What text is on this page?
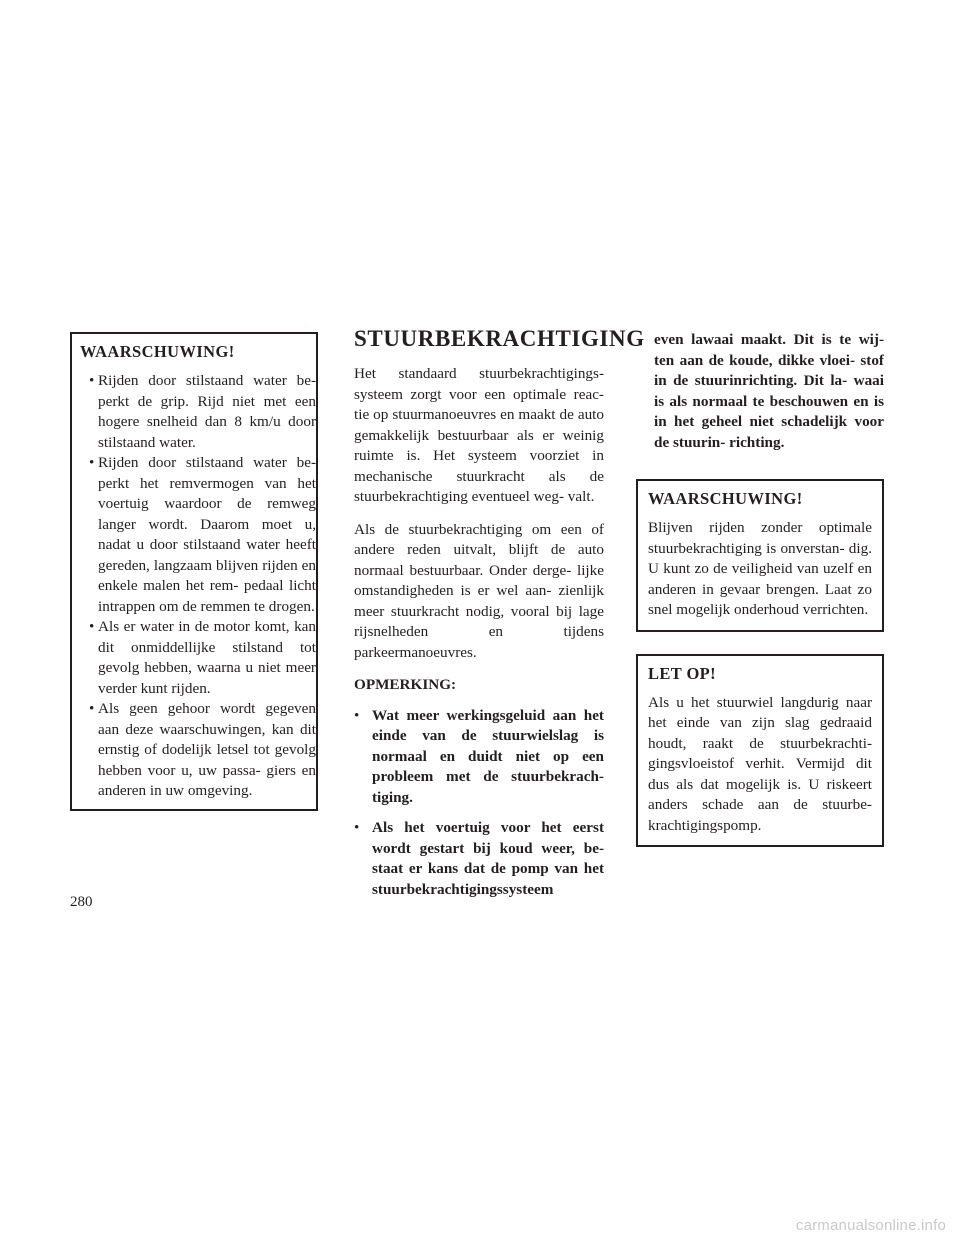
WAARSCHUWING!
• Rijden door stilstaand water be- perkt de grip. Rijd niet met een hogere snelheid dan 8 km/u door stilstaand water.
• Rijden door stilstaand water be- perkt het remvermogen van het voertuig waardoor de remweg langer wordt. Daarom moet u, nadat u door stilstaand water heeft gereden, langzaam blijven rijden en enkele malen het rem- pedaal licht intrappen om de remmen te drogen.
• Als er water in de motor komt, kan dit onmiddellijke stilstand tot gevolg hebben, waarna u niet meer verder kunt rijden.
• Als geen gehoor wordt gegeven aan deze waarschuwingen, kan dit ernstig of dodelijk letsel tot gevolg hebben voor u, uw passa- giers en anderen in uw omgeving.
STUURBEKRACHTIGING

Het standaard stuurbekrachtigings- systeem zorgt voor een optimale reac- tie op stuurmanoeuvres en maakt de auto gemakkelijk bestuurbaar als er weinig ruimte is. Het systeem voorziet in mechanische stuurkracht als de stuurbekrachtiging eventueel weg- valt.

Als de stuurbekrachtiging om een of andere reden uitvalt, blijft de auto normaal bestuurbaar. Onder derge- lijke omstandigheden is er wel aan- zienlijk meer stuurkracht nodig, vooral bij lage rijsnelheden en tijdens parkeermanoeuvres.

OPMERKING:
• Wat meer werkingsgeluid aan het einde van de stuurwielslag is normaal en duidt niet op een probleem met de stuurbekrach- tiging.
• Als het voertuig voor het eerst wordt gestart bij koud weer, be- staat er kans dat de pomp van het stuurbekrachtigingssysteem

even lawaai maakt. Dit is te wij- ten aan de koude, dikke vloei- stof in de stuurinrichting. Dit la- waai is als normaal te beschouwen en is in het geheel niet schadelijk voor de stuurin- richting.

WAARSCHUWING!

Blijven rijden zonder optimale stuurbekrachtiging is onverstan- dig. U kunt zo de veiligheid van uzelf en anderen in gevaar brengen. Laat zo snel mogelijk onderhoud verrichten.

LET OP!

Als u het stuurwiel langdurig naar het einde van zijn slag gedraaid houdt, raakt de stuurbekrachti- gingsvloeistof verhit. Vermijd dit dus als dat mogelijk is. U riskeert anders schade aan de stuurbe- krachtigingspomp.

280
carmanualsonline.info
